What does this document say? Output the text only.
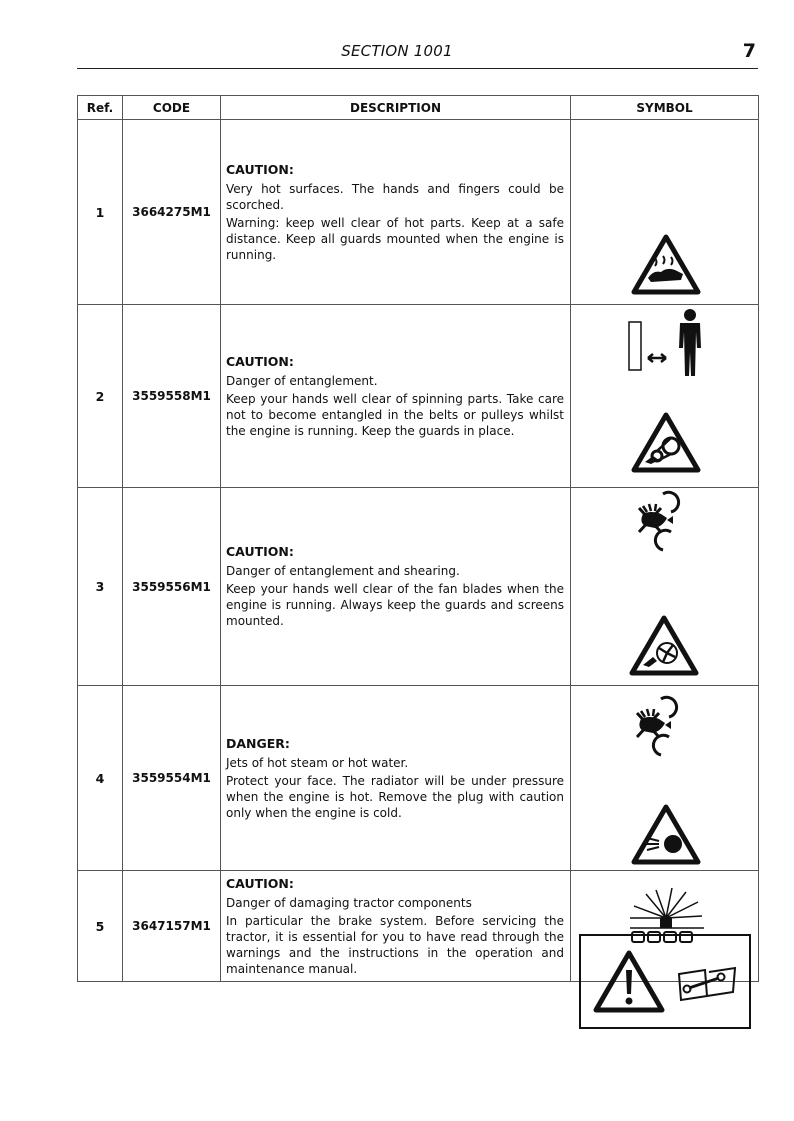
SECTION 1001	7
Ref.	CODE	DESCRIPTION	SYMBOL
1	3664275M1	CAUTION:
Very hot surfaces. The hands and fingers could be scorched.
Warning: keep well clear of hot parts. Keep at a safe distance. Keep all guards mounted when the engine is running.

2	3559558M1	CAUTION:
Danger of entanglement.
Keep your hands well clear of spinning parts. Take care not to become entangled in the belts or pulleys whilst the engine is running. Keep the guards in place.

3	3559556M1	CAUTION:
Danger of entanglement and shearing.
Keep your hands well clear of the fan blades when the engine is running. Always keep the guards and screens mounted.

4	3559554M1	DANGER:
Jets of hot steam or hot water.
Protect your face. The radiator will be under pressure when the engine is hot. Remove the plug with caution only when the engine is cold.

5	3647157M1	CAUTION:
Danger of damaging tractor components
In particular the brake system. Before servicing the tractor, it is essential for you to have read through the warnings and the instructions in the operation and maintenance manual.
